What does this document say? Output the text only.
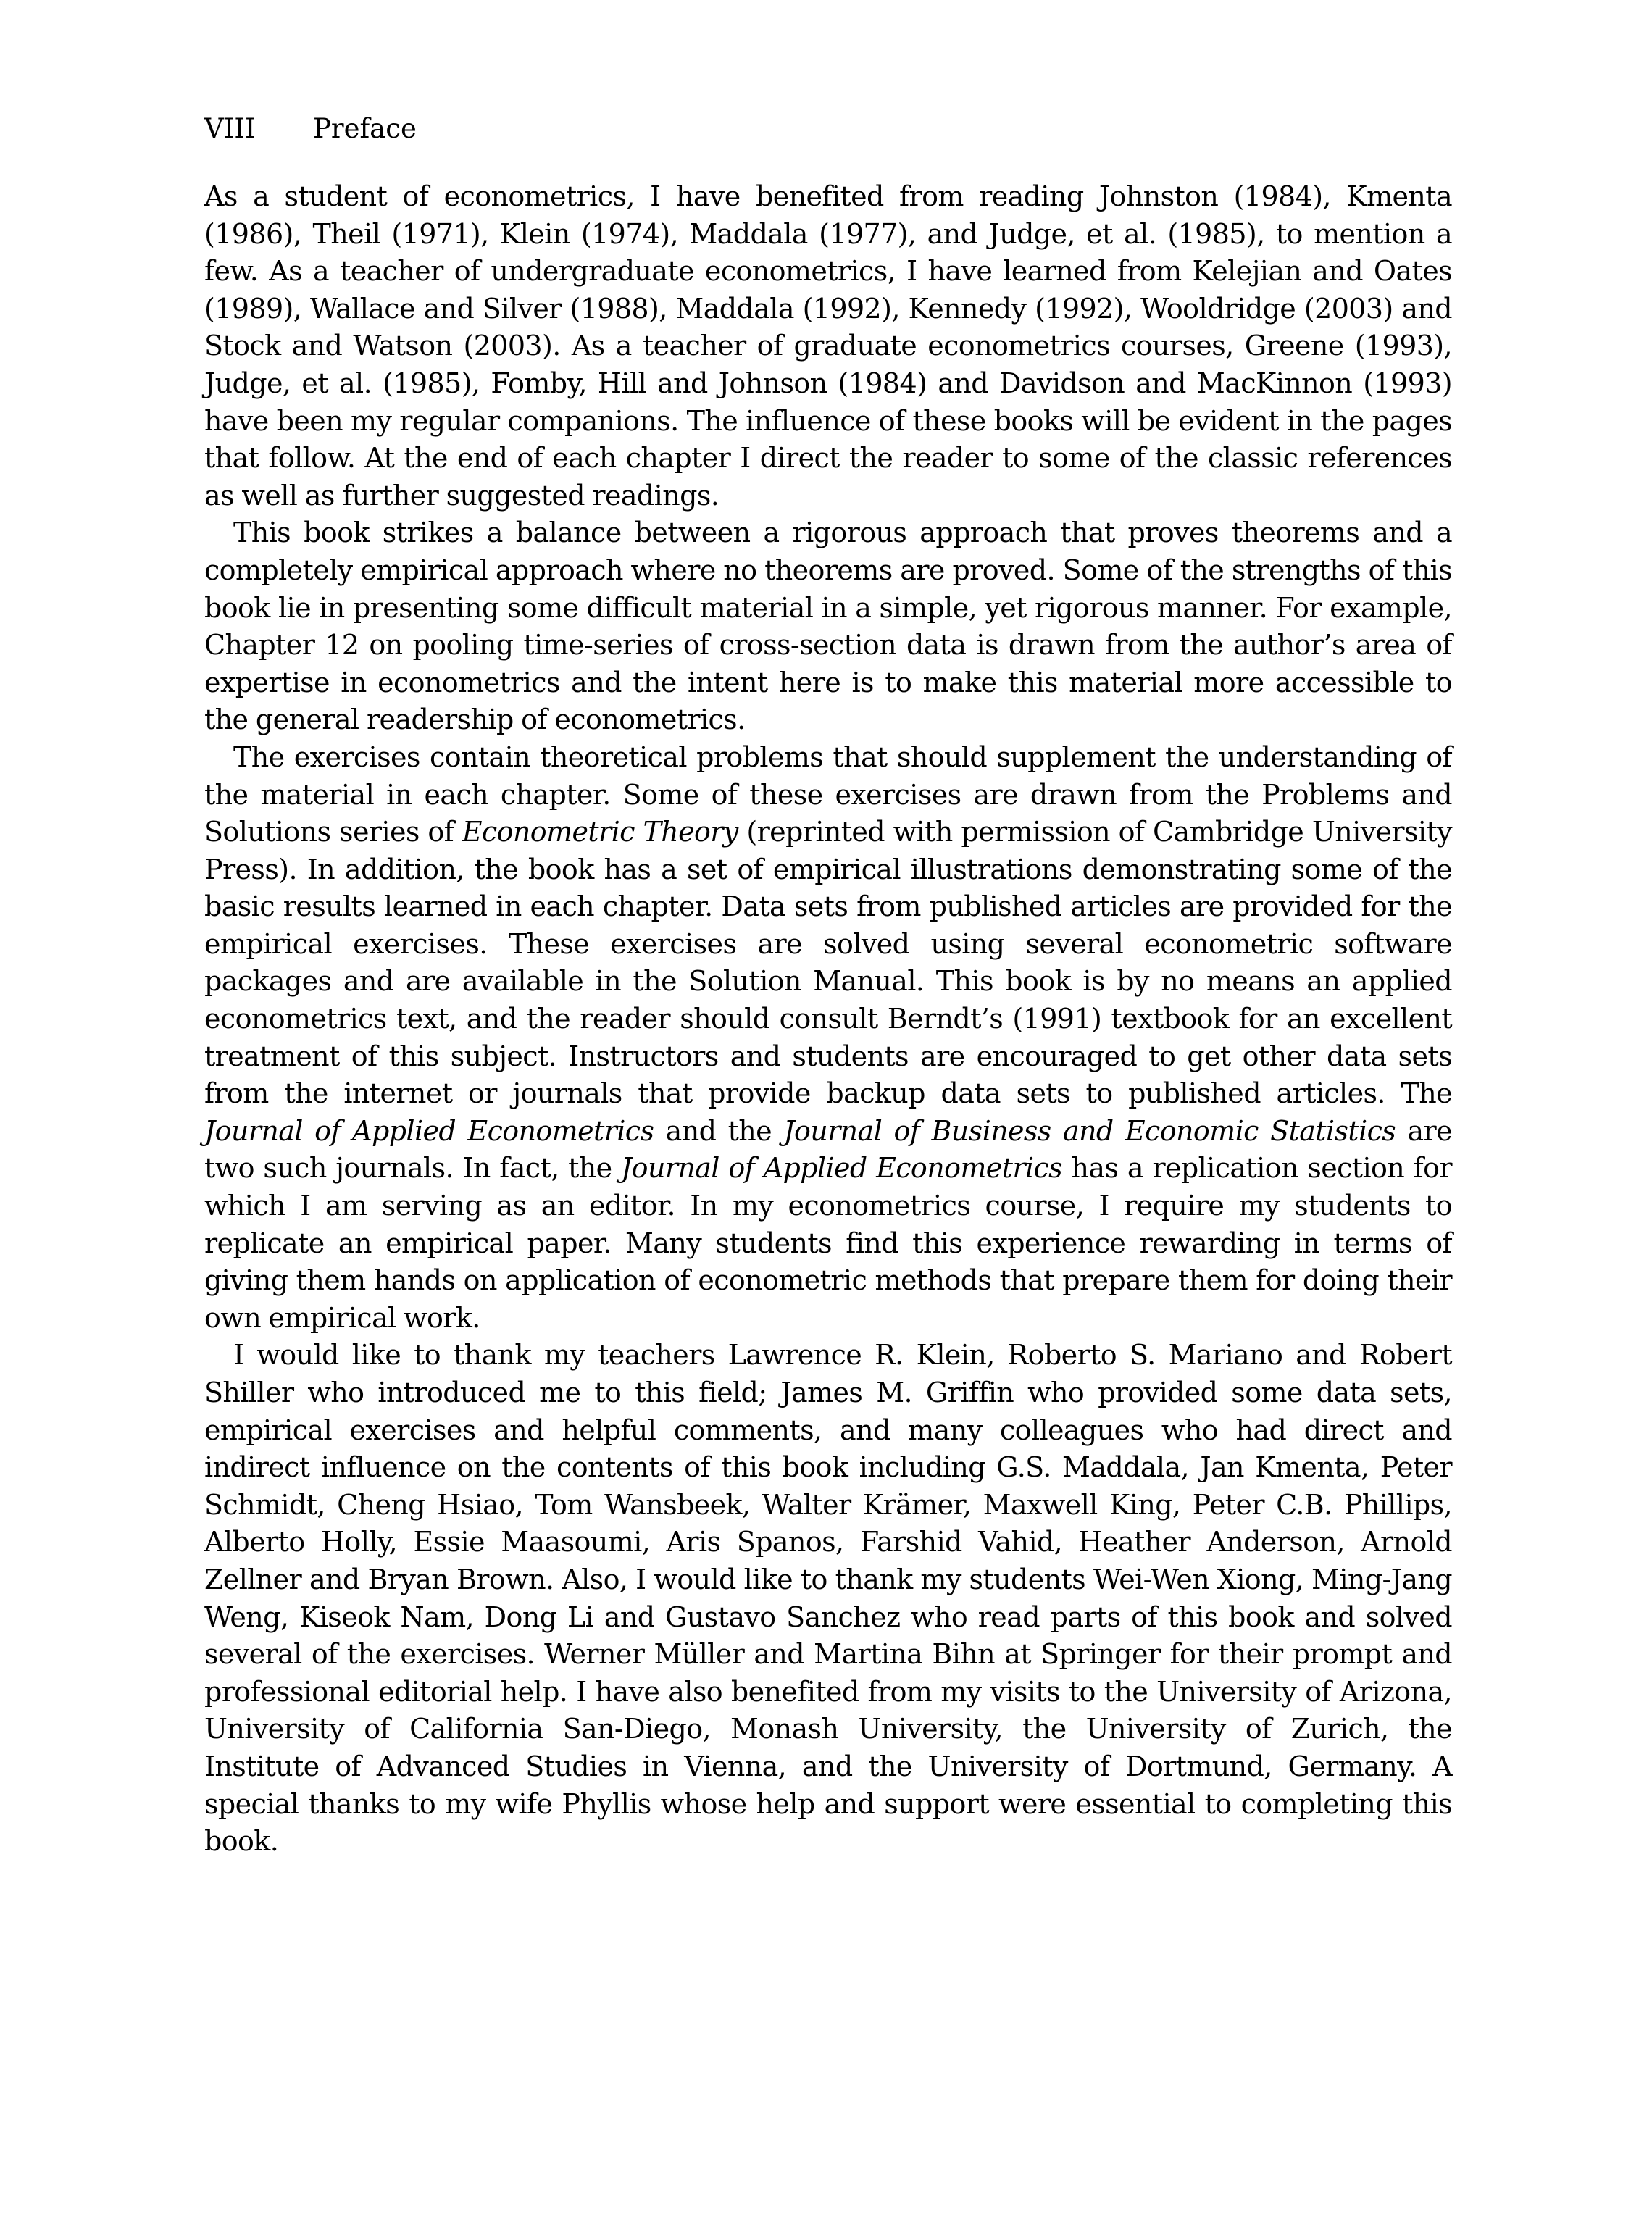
VIII Preface

As a student of econometrics, I have benefited from reading Johnston (1984), Kmenta (1986), Theil (1971), Klein (1974), Maddala (1977), and Judge, et al. (1985), to mention a few. As a teacher of undergraduate econometrics, I have learned from Kelejian and Oates (1989), Wallace and Silver (1988), Maddala (1992), Kennedy (1992), Wooldridge (2003) and Stock and Watson (2003). As a teacher of graduate econometrics courses, Greene (1993), Judge, et al. (1985), Fomby, Hill and Johnson (1984) and Davidson and MacKinnon (1993) have been my regular companions. The influence of these books will be evident in the pages that follow. At the end of each chapter I direct the reader to some of the classic references as well as further suggested readings.

This book strikes a balance between a rigorous approach that proves theorems and a completely empirical approach where no theorems are proved. Some of the strengths of this book lie in presenting some difficult material in a simple, yet rigorous manner. For example, Chapter 12 on pooling time-series of cross-section data is drawn from the author’s area of expertise in econometrics and the intent here is to make this material more accessible to the general readership of econometrics.

The exercises contain theoretical problems that should supplement the understanding of the material in each chapter. Some of these exercises are drawn from the Problems and Solutions series of Econometric Theory (reprinted with permission of Cambridge University Press). In addition, the book has a set of empirical illustrations demonstrating some of the basic results learned in each chapter. Data sets from published articles are provided for the empirical exercises. These exercises are solved using several econometric software packages and are available in the Solution Manual. This book is by no means an applied econometrics text, and the reader should consult Berndt’s (1991) textbook for an excellent treatment of this subject. Instructors and students are encouraged to get other data sets from the internet or journals that provide backup data sets to published articles. The Journal of Applied Econometrics and the Journal of Business and Economic Statistics are two such journals. In fact, the Journal of Applied Econometrics has a replication section for which I am serving as an editor. In my econometrics course, I require my students to replicate an empirical paper. Many students find this experience rewarding in terms of giving them hands on application of econometric methods that prepare them for doing their own empirical work.

I would like to thank my teachers Lawrence R. Klein, Roberto S. Mariano and Robert Shiller who introduced me to this field; James M. Griffin who provided some data sets, empirical exercises and helpful comments, and many colleagues who had direct and indirect influence on the contents of this book including G.S. Maddala, Jan Kmenta, Peter Schmidt, Cheng Hsiao, Tom Wansbeek, Walter Krämer, Maxwell King, Peter C.B. Phillips, Alberto Holly, Essie Maasoumi, Aris Spanos, Farshid Vahid, Heather Anderson, Arnold Zellner and Bryan Brown. Also, I would like to thank my students Wei-Wen Xiong, Ming-Jang Weng, Kiseok Nam, Dong Li and Gustavo Sanchez who read parts of this book and solved several of the exercises. Werner Müller and Martina Bihn at Springer for their prompt and professional editorial help. I have also benefited from my visits to the University of Arizona, University of California San-Diego, Monash University, the University of Zurich, the Institute of Advanced Studies in Vienna, and the University of Dortmund, Germany. A special thanks to my wife Phyllis whose help and support were essential to completing this book.
